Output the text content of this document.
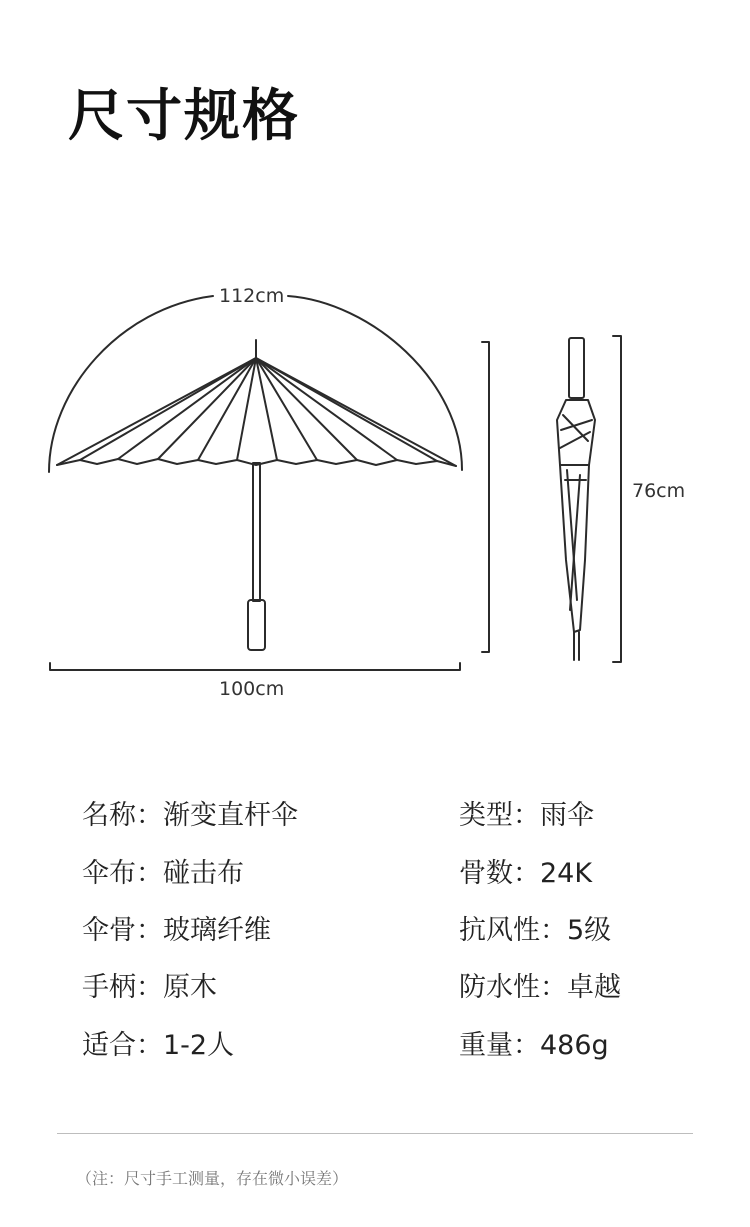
尺寸规格
112cm
100cm
76cm
名称：渐变直杆伞
伞布：碰击布
伞骨：玻璃纤维
手柄：原木
适合：1-2人
类型：雨伞
骨数：24K
抗风性：5级
防水性：卓越
重量：486g
（注：尺寸手工测量，存在微小误差）
